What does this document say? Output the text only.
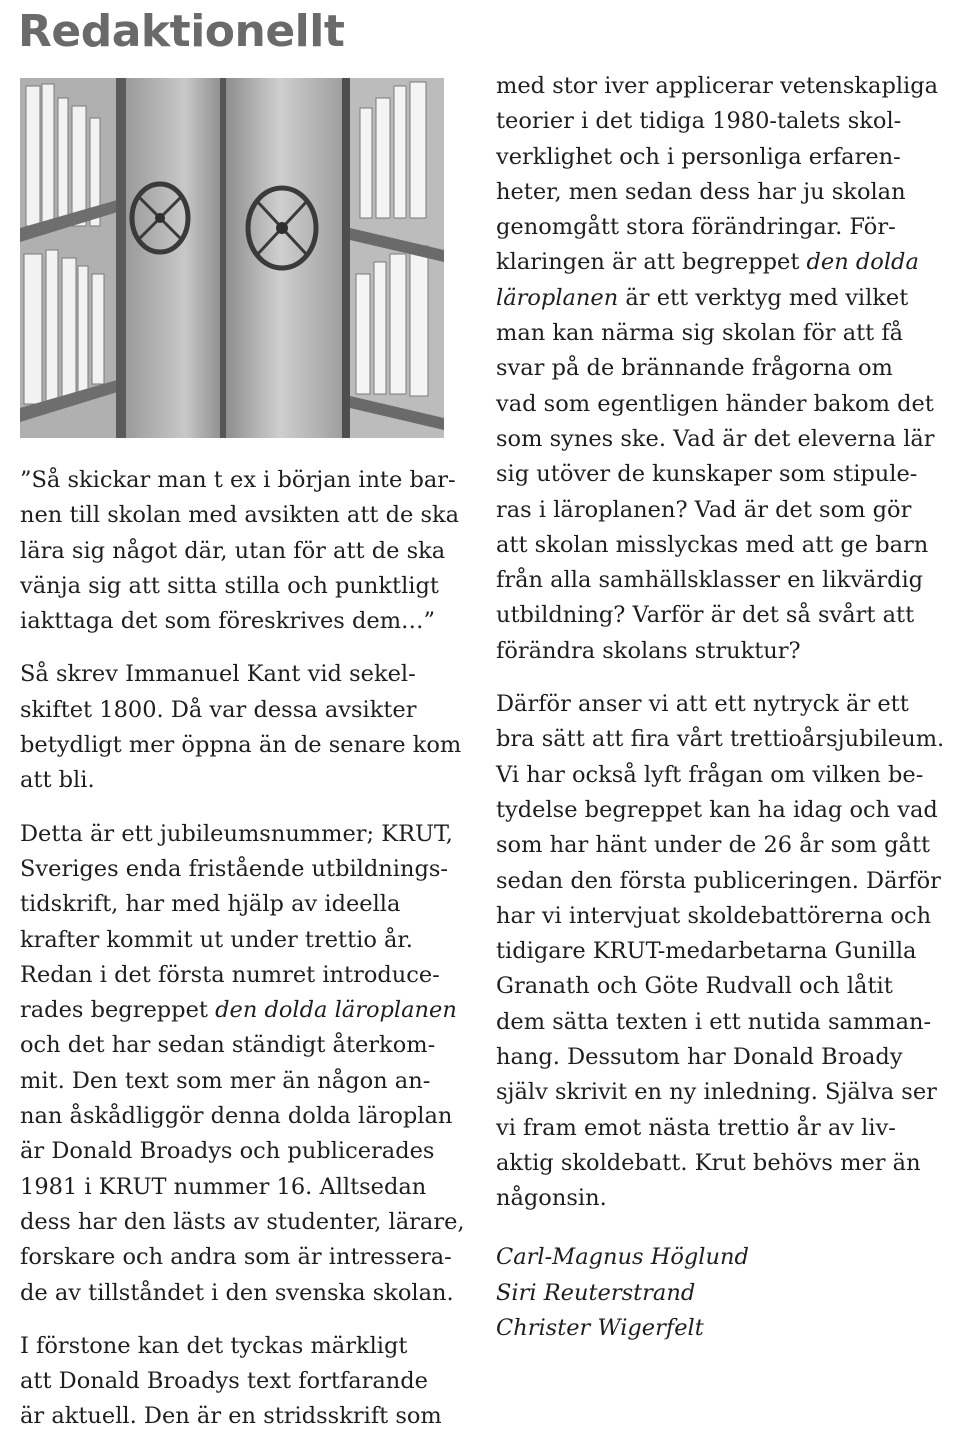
Redaktionellt

”Så skickar man t ex i början inte bar-
nen till skolan med avsikten att de ska
lära sig något där, utan för att de ska
vänja sig att sitta stilla och punktligt
iakttaga det som föreskrives dem…”

Så skrev Immanuel Kant vid sekel-
skiftet 1800. Då var dessa avsikter
betydligt mer öppna än de senare kom
att bli.

Detta är ett jubileumsnummer; KRUT,
Sveriges enda fristående utbildnings-
tidskrift, har med hjälp av ideella
krafter kommit ut under trettio år.
Redan i det första numret introduce-
rades begreppet den dolda läroplanen
och det har sedan ständigt återkom-
mit. Den text som mer än någon an-
nan åskådliggör denna dolda läroplan
är Donald Broadys och publicerades
1981 i KRUT nummer 16. Alltsedan
dess har den lästs av studenter, lärare,
forskare och andra som är intressera-
de av tillståndet i den svenska skolan.

I förstone kan det tyckas märkligt
att Donald Broadys text fortfarande
är aktuell. Den är en stridsskrift som

med stor iver applicerar vetenskapliga
teorier i det tidiga 1980-talets skol-
verklighet och i personliga erfaren-
heter, men sedan dess har ju skolan
genomgått stora förändringar. För-
klaringen är att begreppet den dolda
läroplanen är ett verktyg med vilket
man kan närma sig skolan för att få
svar på de brännande frågorna om
vad som egentligen händer bakom det
som synes ske. Vad är det eleverna lär
sig utöver de kunskaper som stipule-
ras i läroplanen? Vad är det som gör
att skolan misslyckas med att ge barn
från alla samhällsklasser en likvärdig
utbildning? Varför är det så svårt att
förändra skolans struktur?

Därför anser vi att ett nytryck är ett
bra sätt att fira vårt trettioårsjubileum.
Vi har också lyft frågan om vilken be-
tydelse begreppet kan ha idag och vad
som har hänt under de 26 år som gått
sedan den första publiceringen. Därför
har vi intervjuat skoldebattörerna och
tidigare KRUT-medarbetarna Gunilla
Granath och Göte Rudvall och låtit
dem sätta texten i ett nutida samman-
hang. Dessutom har Donald Broady
själv skrivit en ny inledning. Själva ser
vi fram emot nästa trettio år av liv-
aktig skoldebatt. Krut behövs mer än
någonsin.

Carl-Magnus Höglund
Siri Reuterstrand
Christer Wigerfelt
